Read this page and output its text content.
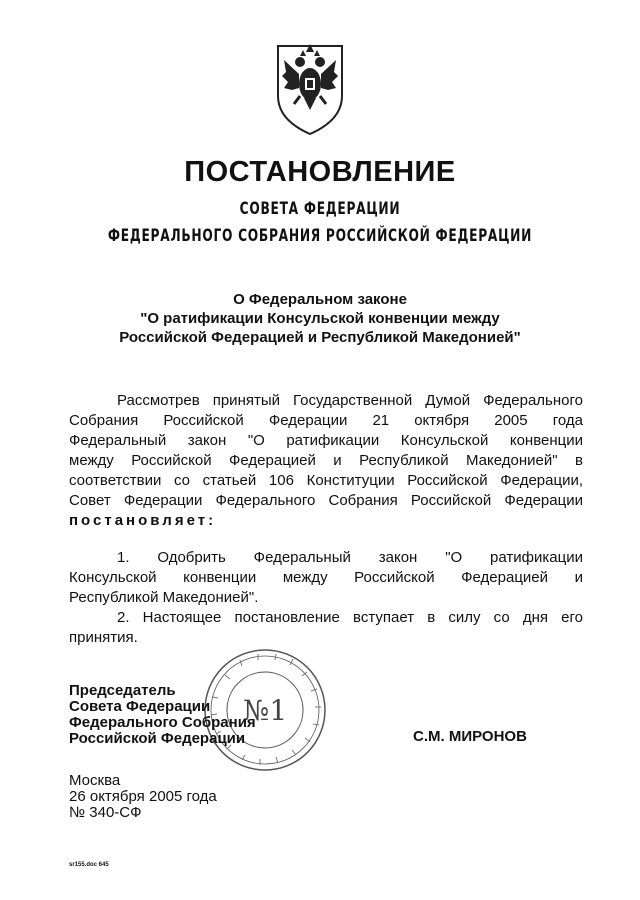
ПОСТАНОВЛЕНИЕ
СОВЕТА ФЕДЕРАЦИИ
ФЕДЕРАЛЬНОГО СОБРАНИЯ РОССИЙСКОЙ ФЕДЕРАЦИИ
О Федеральном законе
"О ратификации Консульской конвенции между
Российской Федерацией и Республикой Македонией"
Рассмотрев принятый Государственной Думой Федерального
Собрания Российской Федерации 21 октября 2005 года
Федеральный закон "О ратификации Консульской конвенции
между Российской Федерацией и Республикой Македонией" в
соответствии со статьей 106 Конституции Российской Федерации,
Совет Федерации Федерального Собрания Российской Федерации
постановляет:
1. Одобрить Федеральный закон "О ратификации
Консульской конвенции между Российской Федерацией и
Республикой Македонией".
2. Настоящее постановление вступает в силу со дня его
принятия.
№1
Председатель
Совета Федерации
Федерального Собрания
Российской Федерации	С.М. МИРОНОВ
Москва
26 октября 2005 года
№ 340-СФ
sr155.doc 645
